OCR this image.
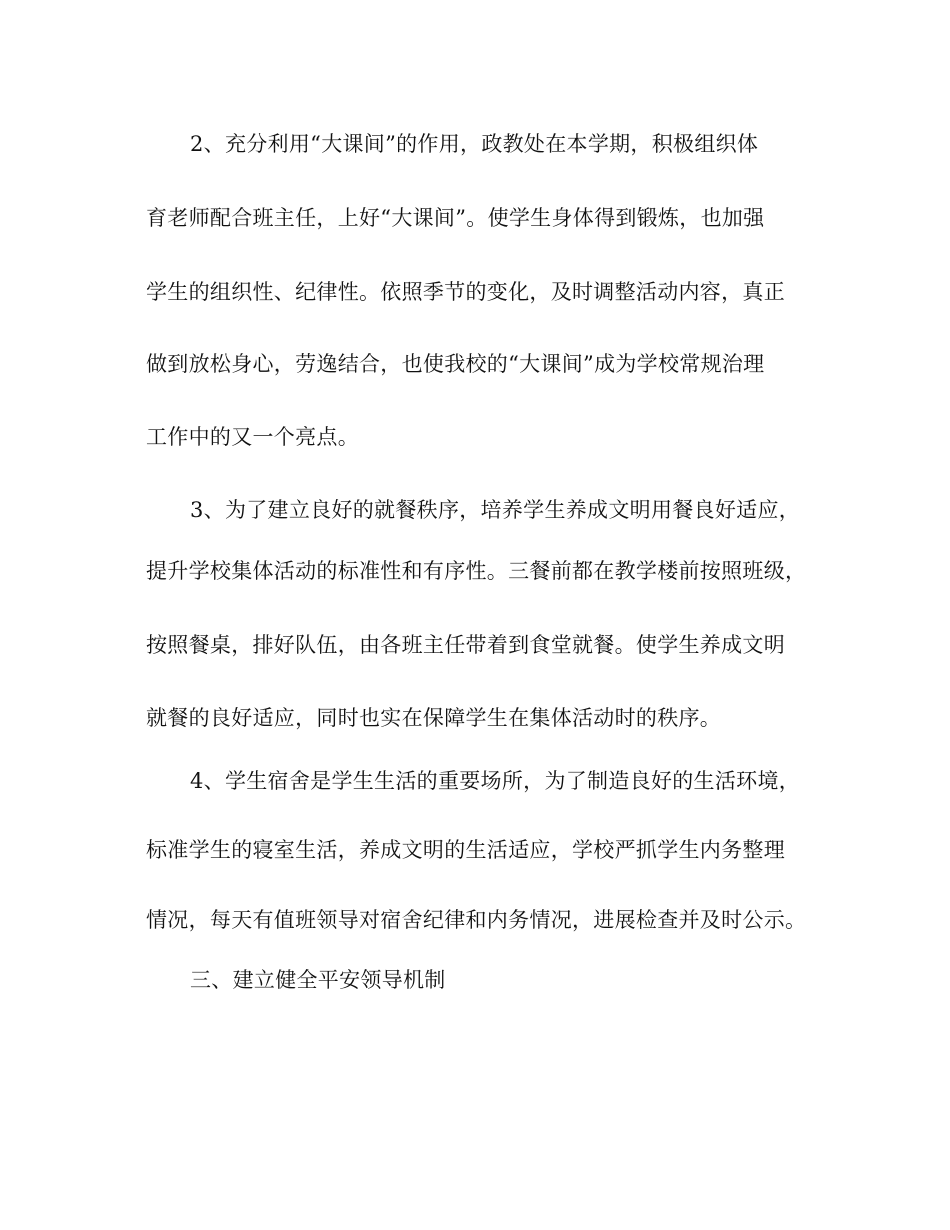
2、充分利用“大课间”的作用，政教处在本学期，积极组织体
育老师配合班主任，上好“大课间”。使学生身体得到锻炼，也加强
学生的组织性、纪律性。依照季节的变化，及时调整活动内容，真正
做到放松身心，劳逸结合，也使我校的“大课间”成为学校常规治理
工作中的又一个亮点。
3、为了建立良好的就餐秩序，培养学生养成文明用餐良好适应，
提升学校集体活动的标准性和有序性。三餐前都在教学楼前按照班级，
按照餐桌，排好队伍，由各班主任带着到食堂就餐。使学生养成文明
就餐的良好适应，同时也实在保障学生在集体活动时的秩序。
4、学生宿舍是学生生活的重要场所，为了制造良好的生活环境，
标准学生的寝室生活，养成文明的生活适应，学校严抓学生内务整理
情况，每天有值班领导对宿舍纪律和内务情况，进展检查并及时公示。
三、建立健全平安领导机制
